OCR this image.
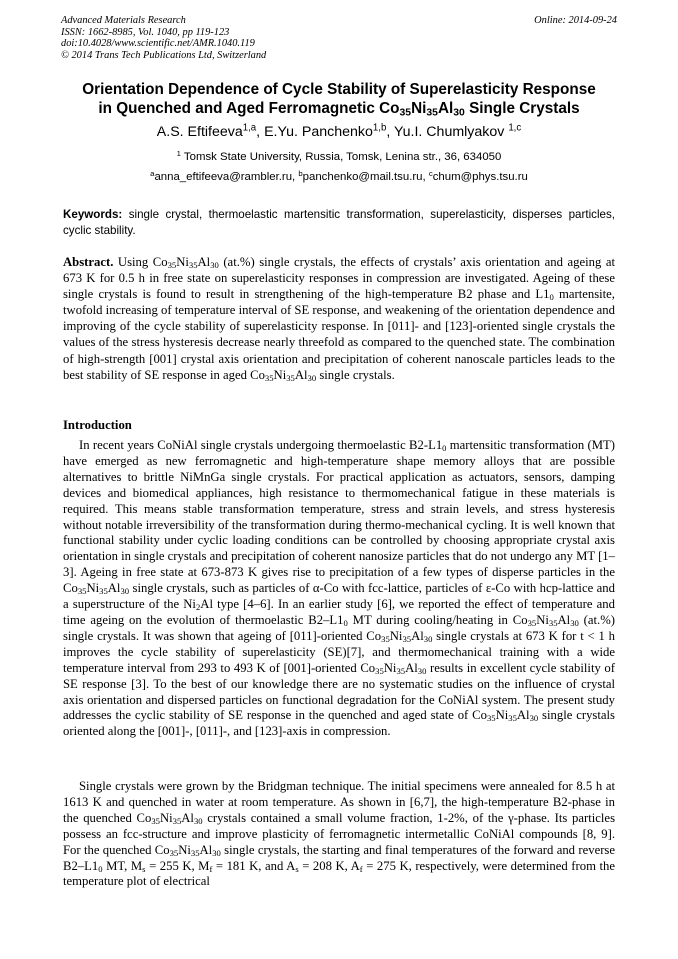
Advanced Materials Research
ISSN: 1662-8985, Vol. 1040, pp 119-123
doi:10.4028/www.scientific.net/AMR.1040.119
© 2014 Trans Tech Publications Ltd, Switzerland
Online: 2014-09-24
Orientation Dependence of Cycle Stability of Superelasticity Response
in Quenched and Aged Ferromagnetic $Co_{35}Ni_{35}Al_{30}$ Single Crystals
A.S. Eftifeeva$^{1,a}$, E.Yu. Panchenko$^{1,b}$, Yu.I. Chumlyakov $^{1,c}$
$^1$ Tomsk State University, Russia, Tomsk, Lenina str., 36, 634050
$^a$anna_eftifeeva@rambler.ru, $^b$panchenko@mail.tsu.ru, $^c$chum@phys.tsu.ru
Keywords: single crystal, thermoelastic martensitic transformation, superelasticity, disperses particles, cyclic stability.
Abstract. Using $Co_{35}Ni_{35}Al_{30}$ (at.%) single crystals, the effects of crystals’ axis orientation and ageing at 673 K for 0.5 h in free state on superelasticity responses in compression are investigated. Ageing of these single crystals is found to result in strengthening of the high-temperature B2 phase and $L1_0$ martensite, twofold increasing of temperature interval of SE response, and weakening of the orientation dependence and improving of the cycle stability of superelasticity response. In [011]- and [123]-oriented single crystals the values of the stress hysteresis decrease nearly threefold as compared to the quenched state. The combination of high-strength [001] crystal axis orientation and precipitation of coherent nanoscale particles leads to the best stability of SE response in aged $Co_{35}Ni_{35}Al_{30}$ single crystals.
Introduction
In recent years CoNiAl single crystals undergoing thermoelastic $B2-L1_0$ martensitic transformation (MT) have emerged as new ferromagnetic and high-temperature shape memory alloys that are possible alternatives to brittle NiMnGa single crystals. For practical application as actuators, sensors, damping devices and biomedical appliances, high resistance to thermomechanical fatigue in these materials is required. This means stable transformation temperature, stress and strain levels, and stress hysteresis without notable irreversibility of the transformation during thermo-mechanical cycling. It is well known that functional stability under cyclic loading conditions can be controlled by choosing appropriate crystal axis orientation in single crystals and precipitation of coherent nanosize particles that do not undergo any MT [1–3]. Ageing in free state at 673-873 K gives rise to precipitation of a few types of disperse particles in the $Co_{35}Ni_{35}Al_{30}$ single crystals, such as particles of α-Co with fcc-lattice, particles of ε-Co with hcp-lattice and a superstructure of the $Ni_2Al$ type [4–6]. In an earlier study [6], we reported the effect of temperature and time ageing on the evolution of thermoelastic $B2-L1_0$ MT during cooling/heating in $Co_{35}Ni_{35}Al_{30}$ (at.%) single crystals. It was shown that ageing of [011]-oriented $Co_{35}Ni_{35}Al_{30}$ single crystals at 673 K for t < 1 h improves the cycle stability of superelasticity (SE)[7], and thermomechanical training with a wide temperature interval from 293 to 493 K of [001]-oriented $Co_{35}Ni_{35}Al_{30}$ results in excellent cycle stability of SE response [3]. To the best of our knowledge there are no systematic studies on the influence of crystal axis orientation and dispersed particles on functional degradation for the CoNiAl system. The present study addresses the cyclic stability of SE response in the quenched and aged state of $Co_{35}Ni_{35}Al_{30}$ single crystals oriented along the [001]-, [011]-, and [123]-axis in compression.
Single crystals were grown by the Bridgman technique. The initial specimens were annealed for 8.5 h at 1613 K and quenched in water at room temperature. As shown in [6,7], the high-temperature B2-phase in the quenched $Co_{35}Ni_{35}Al_{30}$ crystals contained a small volume fraction, 1-2%, of the γ-phase. Its particles possess an fcc-structure and improve plasticity of ferromagnetic intermetallic CoNiAl compounds [8, 9]. For the quenched $Co_{35}Ni_{35}Al_{30}$ single crystals, the starting and final temperatures of the forward and reverse $B2-L1_0$ MT, $M_s = 255$ K, $M_f = 181$ K, and $A_s = 208$ K, $A_f = 275$ K, respectively, were determined from the temperature plot of electrical
